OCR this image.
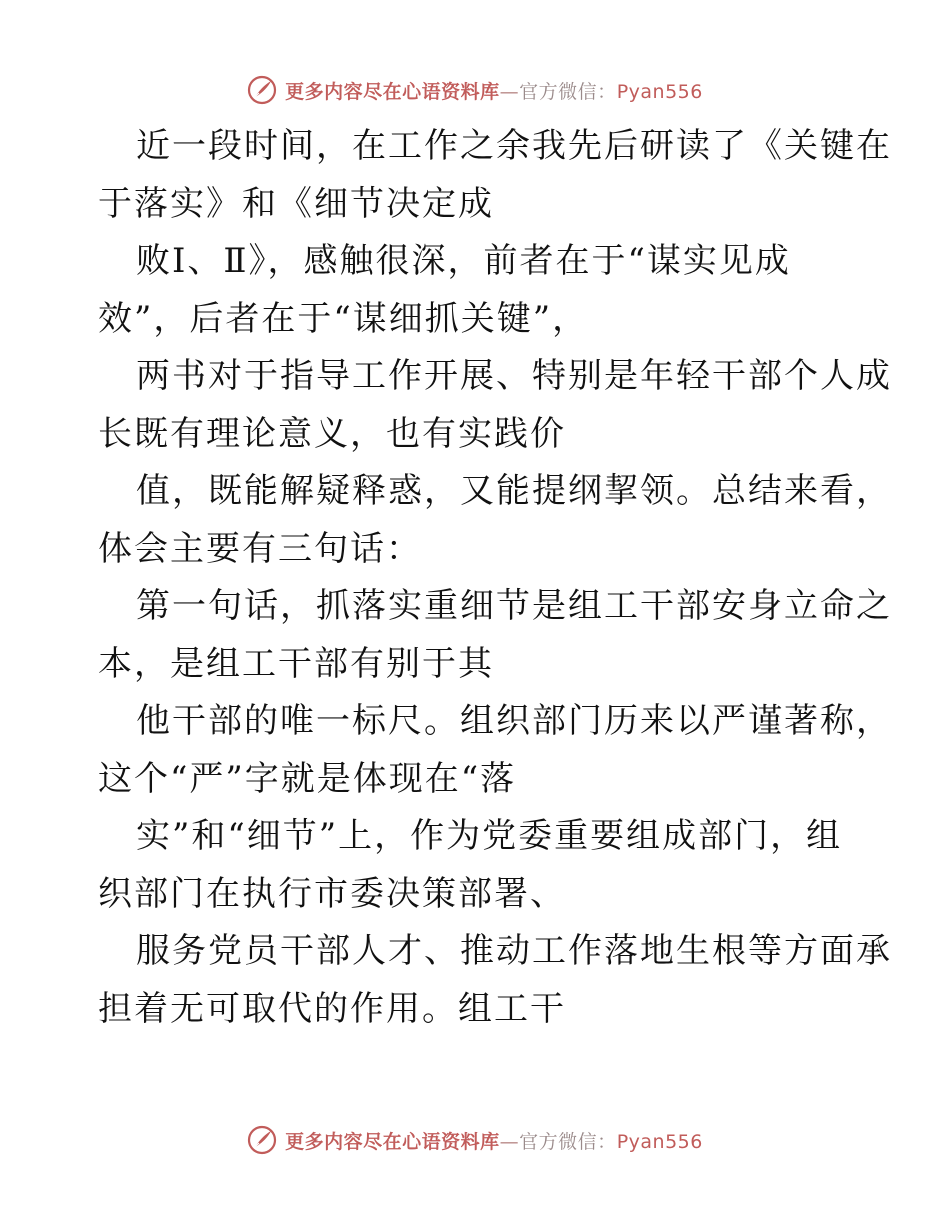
更多内容尽在心语资料库—官方微信：Pyan556
近一段时间，在工作之余我先后研读了《关键在
于落实》和《细节决定成
败Ⅰ、Ⅱ》，感触很深，前者在于“谋实见成
效”，后者在于“谋细抓关键”，
两书对于指导工作开展、特别是年轻干部个人成
长既有理论意义，也有实践价
值，既能解疑释惑，又能提纲挈领。总结来看，
体会主要有三句话：
第一句话，抓落实重细节是组工干部安身立命之
本，是组工干部有别于其
他干部的唯一标尺。组织部门历来以严谨著称，
这个“严”字就是体现在“落
实”和“细节”上，作为党委重要组成部门，组
织部门在执行市委决策部署、
服务党员干部人才、推动工作落地生根等方面承
担着无可取代的作用。组工干
更多内容尽在心语资料库—官方微信：Pyan556
